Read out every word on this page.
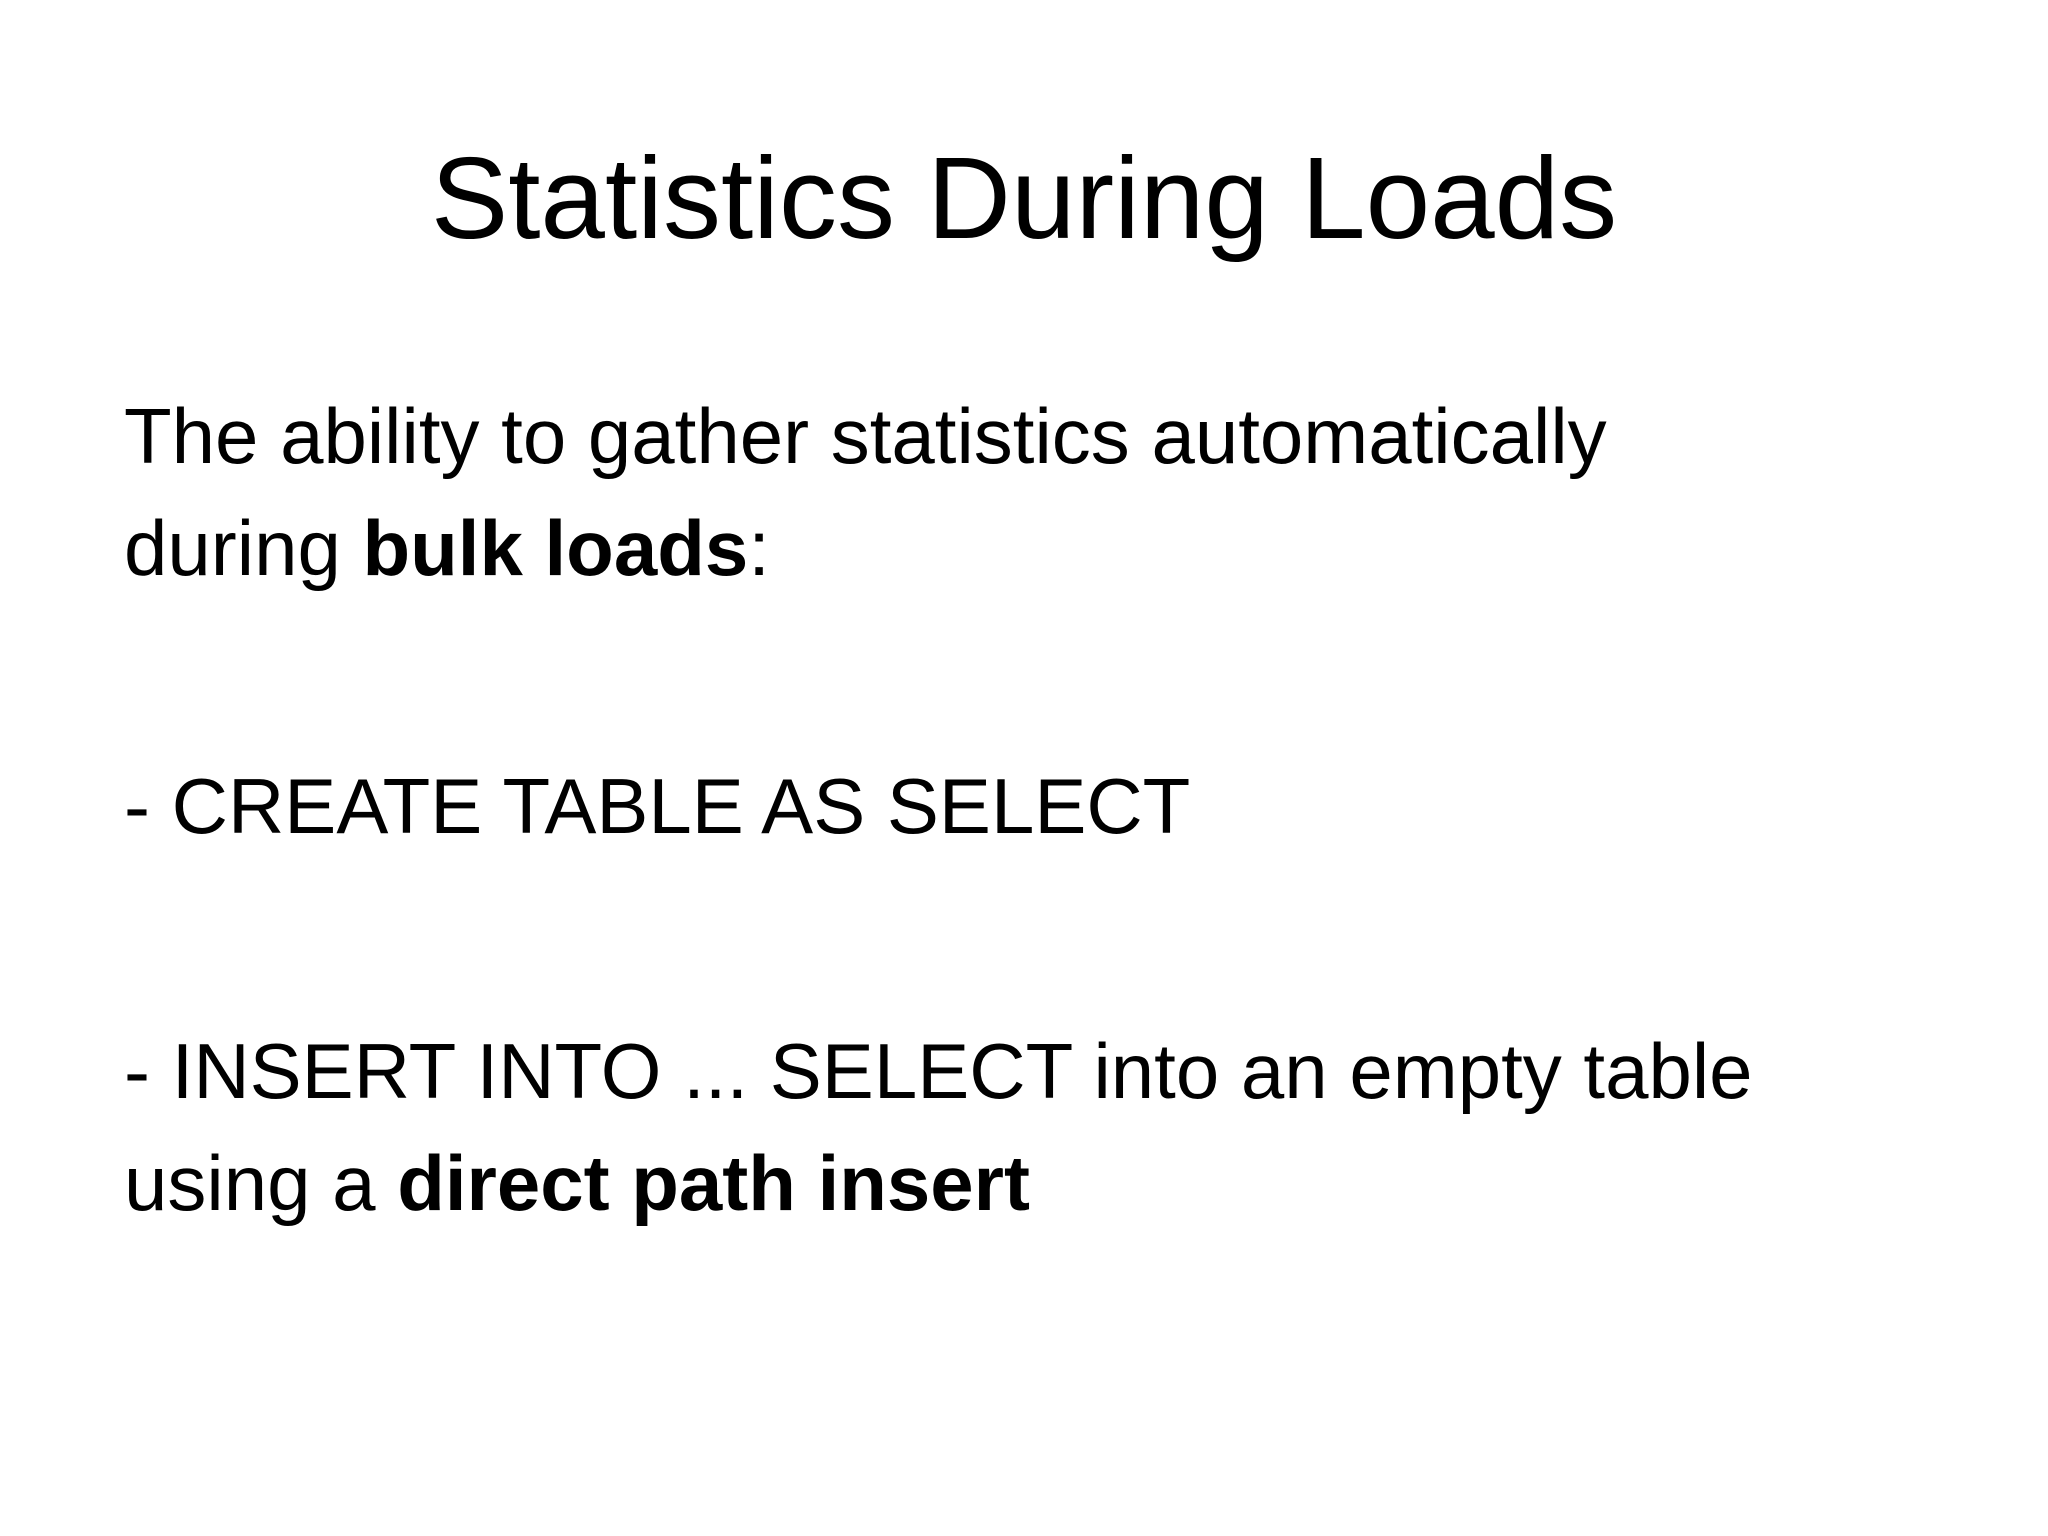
Statistics During Loads
The ability to gather statistics automatically
during bulk loads:
- CREATE TABLE AS SELECT
- INSERT INTO ... SELECT into an empty table
using a direct path insert
